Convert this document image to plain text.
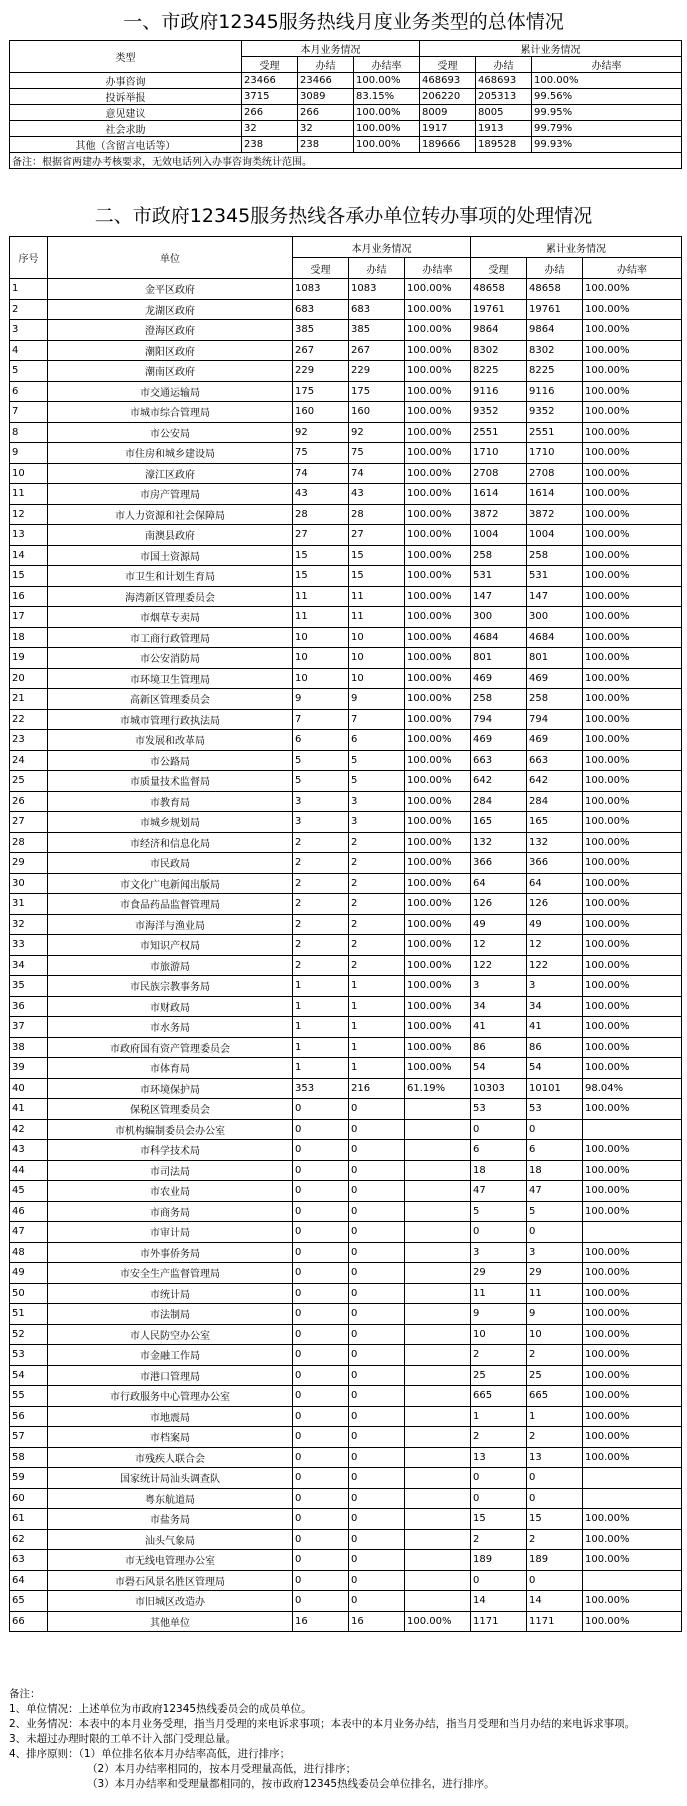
一、市政府12345服务热线月度业务类型的总体情况
类型	本月业务情况			累计业务情况		
	受理	办结	办结率	受理	办结	办结率
办事咨询	23466	23466	100.00%	468693	468693	100.00%
投诉举报	3715	3089	83.15%	206220	205313	99.56%
意见建议	266	266	100.00%	8009	8005	99.95%
社会求助	32	32	100.00%	1917	1913	99.79%
其他（含留言电话等）	238	238	100.00%	189666	189528	99.93%
备注：根据省两建办考核要求，无效电话列入办事咨询类统计范围。						
二、市政府12345服务热线各承办单位转办事项的处理情况
序号	单位	本月业务情况			累计业务情况		
		受理	办结	办结率	受理	办结	办结率
1	金平区政府	1083	1083	100.00%	48658	48658	100.00%
2	龙湖区政府	683	683	100.00%	19761	19761	100.00%
3	澄海区政府	385	385	100.00%	9864	9864	100.00%
4	潮阳区政府	267	267	100.00%	8302	8302	100.00%
5	潮南区政府	229	229	100.00%	8225	8225	100.00%
6	市交通运输局	175	175	100.00%	9116	9116	100.00%
7	市城市综合管理局	160	160	100.00%	9352	9352	100.00%
8	市公安局	92	92	100.00%	2551	2551	100.00%
9	市住房和城乡建设局	75	75	100.00%	1710	1710	100.00%
10	濠江区政府	74	74	100.00%	2708	2708	100.00%
11	市房产管理局	43	43	100.00%	1614	1614	100.00%
12	市人力资源和社会保障局	28	28	100.00%	3872	3872	100.00%
13	南澳县政府	27	27	100.00%	1004	1004	100.00%
14	市国土资源局	15	15	100.00%	258	258	100.00%
15	市卫生和计划生育局	15	15	100.00%	531	531	100.00%
16	海湾新区管理委员会	11	11	100.00%	147	147	100.00%
17	市烟草专卖局	11	11	100.00%	300	300	100.00%
18	市工商行政管理局	10	10	100.00%	4684	4684	100.00%
19	市公安消防局	10	10	100.00%	801	801	100.00%
20	市环境卫生管理局	10	10	100.00%	469	469	100.00%
21	高新区管理委员会	9	9	100.00%	258	258	100.00%
22	市城市管理行政执法局	7	7	100.00%	794	794	100.00%
23	市发展和改革局	6	6	100.00%	469	469	100.00%
24	市公路局	5	5	100.00%	663	663	100.00%
25	市质量技术监督局	5	5	100.00%	642	642	100.00%
26	市教育局	3	3	100.00%	284	284	100.00%
27	市城乡规划局	3	3	100.00%	165	165	100.00%
28	市经济和信息化局	2	2	100.00%	132	132	100.00%
29	市民政局	2	2	100.00%	366	366	100.00%
30	市文化广电新闻出版局	2	2	100.00%	64	64	100.00%
31	市食品药品监督管理局	2	2	100.00%	126	126	100.00%
32	市海洋与渔业局	2	2	100.00%	49	49	100.00%
33	市知识产权局	2	2	100.00%	12	12	100.00%
34	市旅游局	2	2	100.00%	122	122	100.00%
35	市民族宗教事务局	1	1	100.00%	3	3	100.00%
36	市财政局	1	1	100.00%	34	34	100.00%
37	市水务局	1	1	100.00%	41	41	100.00%
38	市政府国有资产管理委员会	1	1	100.00%	86	86	100.00%
39	市体育局	1	1	100.00%	54	54	100.00%
40	市环境保护局	353	216	61.19%	10303	10101	98.04%
41	保税区管理委员会	0	0		53	53	100.00%
42	市机构编制委员会办公室	0	0		0	0	
43	市科学技术局	0	0		6	6	100.00%
44	市司法局	0	0		18	18	100.00%
45	市农业局	0	0		47	47	100.00%
46	市商务局	0	0		5	5	100.00%
47	市审计局	0	0		0	0	
48	市外事侨务局	0	0		3	3	100.00%
49	市安全生产监督管理局	0	0		29	29	100.00%
50	市统计局	0	0		11	11	100.00%
51	市法制局	0	0		9	9	100.00%
52	市人民防空办公室	0	0		10	10	100.00%
53	市金融工作局	0	0		2	2	100.00%
54	市港口管理局	0	0		25	25	100.00%
55	市行政服务中心管理办公室	0	0		665	665	100.00%
56	市地震局	0	0		1	1	100.00%
57	市档案局	0	0		2	2	100.00%
58	市残疾人联合会	0	0		13	13	100.00%
59	国家统计局汕头调查队	0	0		0	0	
60	粤东航道局	0	0		0	0	
61	市盐务局	0	0		15	15	100.00%
62	汕头气象局	0	0		2	2	100.00%
63	市无线电管理办公室	0	0		189	189	100.00%
64	市礐石风景名胜区管理局	0	0		0	0	
65	市旧城区改造办	0	0		14	14	100.00%
66	其他单位	16	16	100.00%	1171	1171	100.00%
备注：
1、单位情况：上述单位为市政府12345热线委员会的成员单位。
2、业务情况：本表中的本月业务受理，指当月受理的来电诉求事项；本表中的本月业务办结，指当月受理和当月办结的来电诉求事项。
3、未超过办理时限的工单不计入部门受理总量。
4、排序原则：（1）单位排名依本月办结率高低，进行排序；
（2）本月办结率相同的，按本月受理量高低，进行排序；
（3）本月办结率和受理量都相同的，按市政府12345热线委员会单位排名，进行排序。
